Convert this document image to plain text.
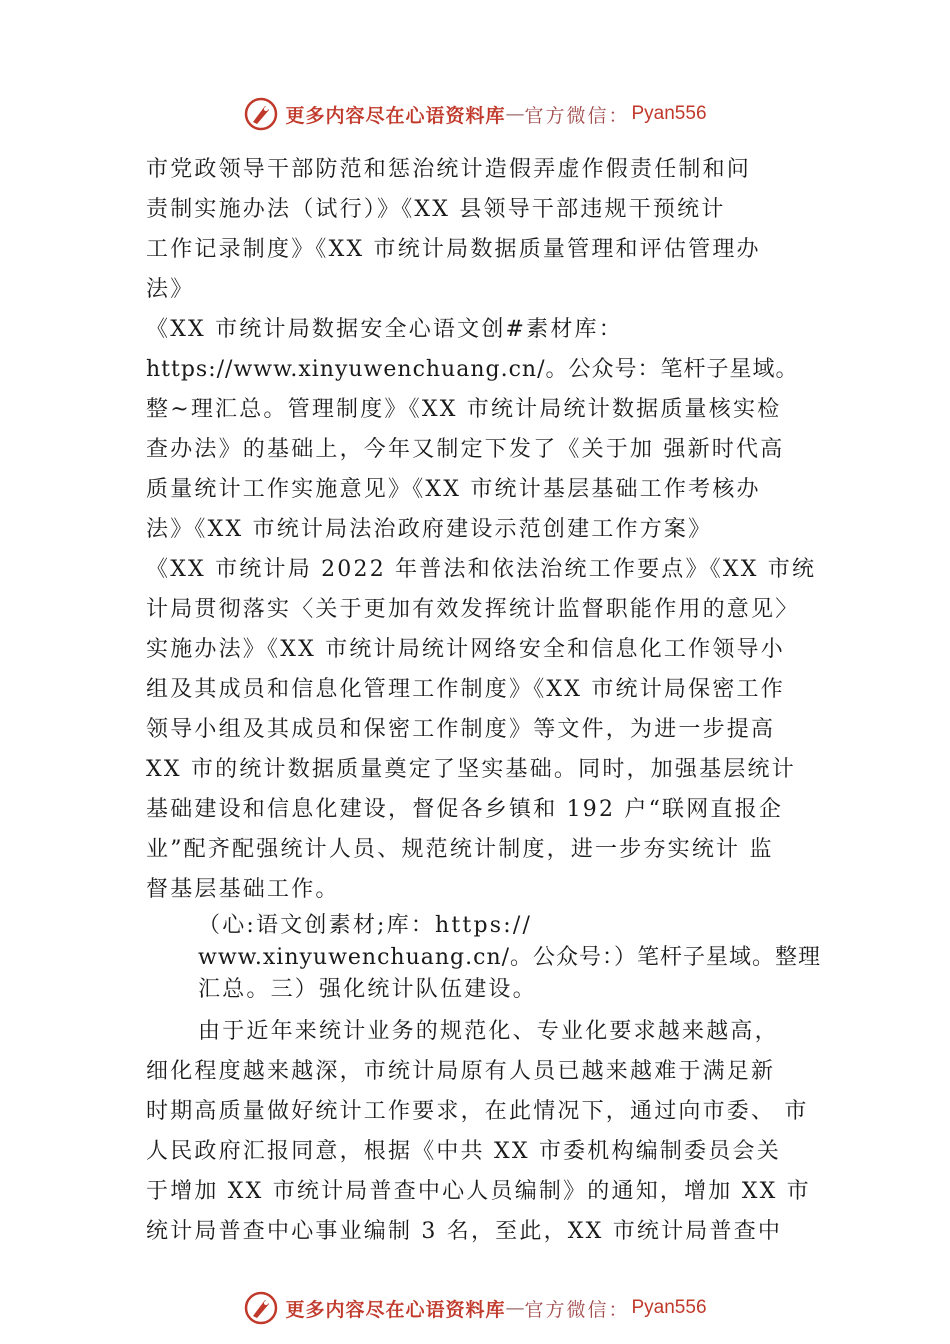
更多内容尽在心语资料库 — 官方微信： Pyan556
市党政领导干部防范和惩治统计造假弄虚作假责任制和问
责制实施办法（试行）》《XX 县领导干部违规干预统计
工作记录制度》《XX 市统计局数据质量管理和评估管理办
法》
《XX 市统计局数据安全心语文创#素材库：
https://www.xinyuwenchuang.cn/。公众号：笔杆子星域。
整~理汇总。管理制度》《XX 市统计局统计数据质量核实检
查办法》的基础上，今年又制定下发了《关于加 强新时代高
质量统计工作实施意见》《XX 市统计基层基础工作考核办
法》《XX 市统计局法治政府建设示范创建工作方案》
《XX 市统计局 2022 年普法和依法治统工作要点》《XX 市统
计局贯彻落实〈关于更加有效发挥统计监督职能作用的意见〉
实施办法》《XX 市统计局统计网络安全和信息化工作领导小
组及其成员和信息化管理工作制度》《XX 市统计局保密工作
领导小组及其成员和保密工作制度》等文件，为进一步提高
XX 市的统计数据质量奠定了坚实基础。同时，加强基层统计
基础建设和信息化建设，督促各乡镇和 192 户“联网直报企
业”配齐配强统计人员、规范统计制度，进一步夯实统计 监
督基层基础工作。
（心:语文创素材;库：https://
www.xinyuwenchuang.cn/。公众号：）笔杆子星域。整理
汇总。三）强化统计队伍建设。
由于近年来统计业务的规范化、专业化要求越来越高，
细化程度越来越深，市统计局原有人员已越来越难于满足新
时期高质量做好统计工作要求，在此情况下，通过向市委、 市
人民政府汇报同意，根据《中共 XX 市委机构编制委员会关
于增加 XX 市统计局普查中心人员编制》的通知，增加 XX 市
统计局普查中心事业编制 3 名，至此，XX 市统计局普查中
更多内容尽在心语资料库 — 官方微信： Pyan556
